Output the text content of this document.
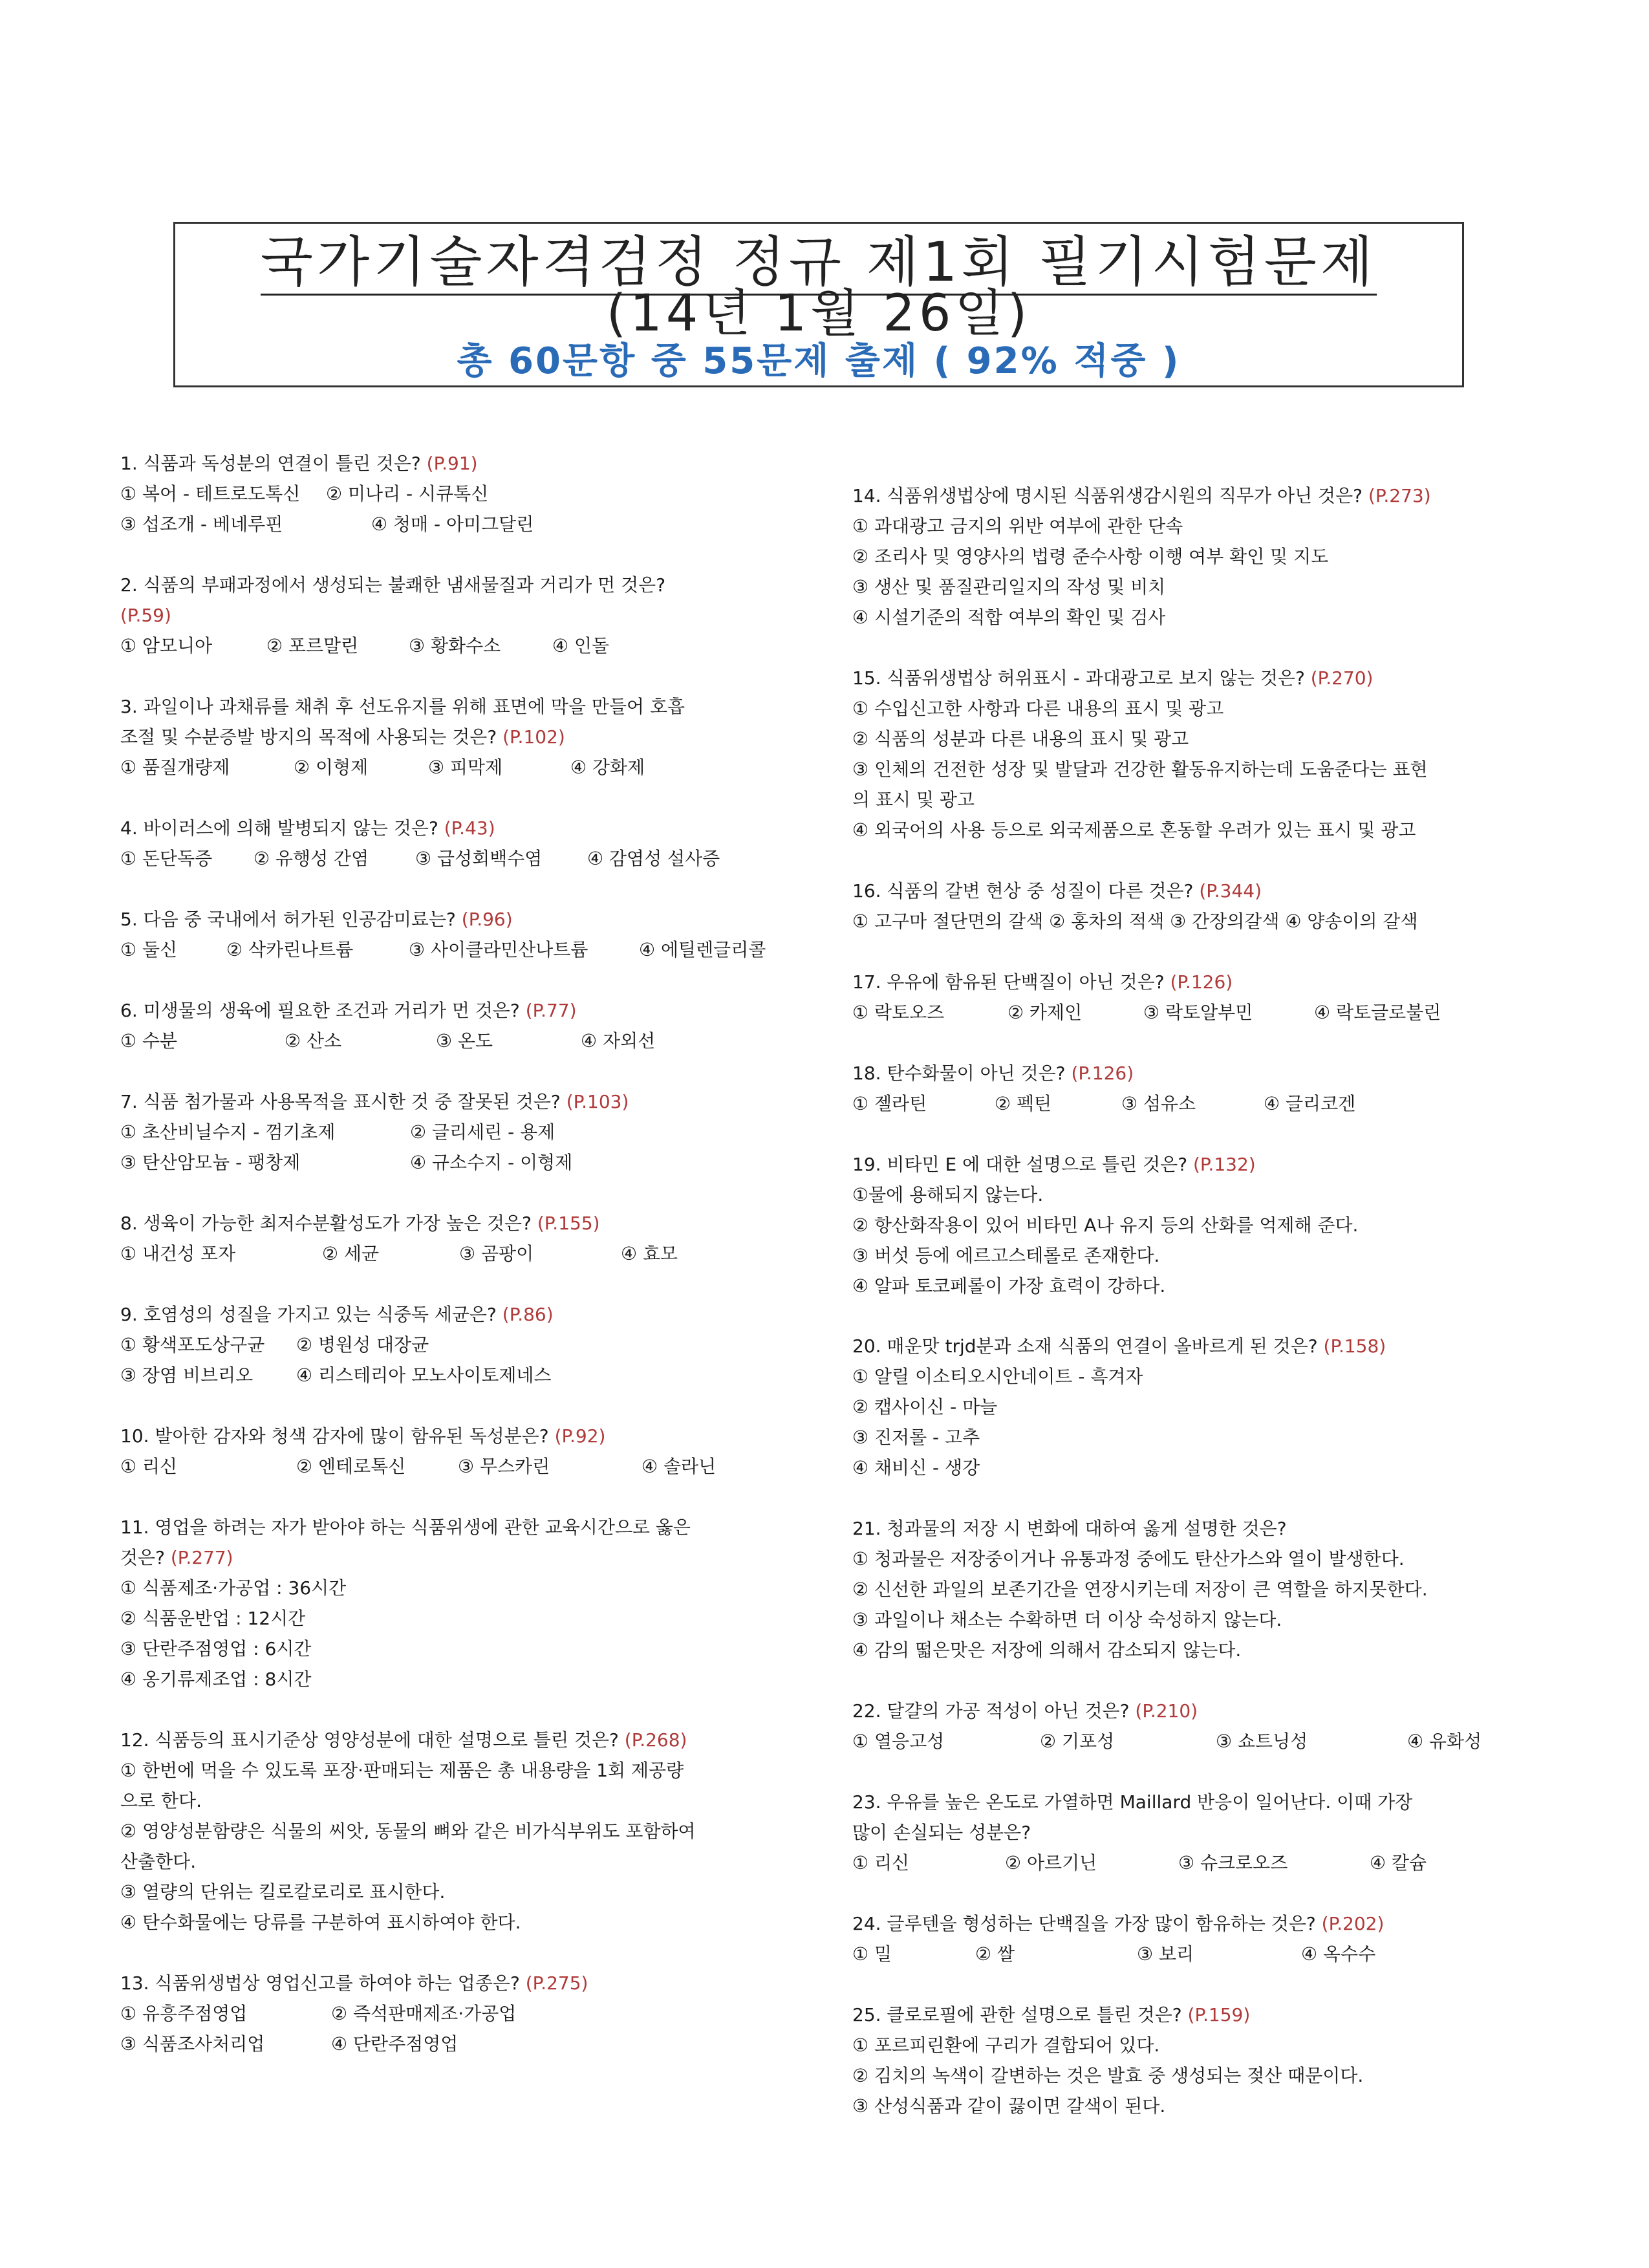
국가기술자격검정 정규 제1회 필기시험문제
(14년 1월 26일)
총 60문항 중 55문제 출제 ( 92% 적중 )
1. 식품과 독성분의 연결이 틀린 것은? (P.91)
① 복어 - 테트로도톡신	② 미나리 - 시큐톡신
③ 섭조개 - 베네루핀	④ 청매 - 아미그달린
2. 식품의 부패과정에서 생성되는 불쾌한 냄새물질과 거리가 먼 것은?
(P.59)
① 암모니아	② 포르말린	③ 황화수소	④ 인돌
3. 과일이나 과채류를 채취 후 선도유지를 위해 표면에 막을 만들어 호흡
조절 및 수분증발 방지의 목적에 사용되는 것은? (P.102)
① 품질개량제	② 이형제	③ 피막제	④ 강화제
4. 바이러스에 의해 발병되지 않는 것은? (P.43)
① 돈단독증	② 유행성 간염	③ 급성회백수염	④ 감염성 설사증
5. 다음 중 국내에서 허가된 인공감미료는? (P.96)
① 둘신	② 삭카린나트륨	③ 사이클라민산나트륨	④ 에틸렌글리콜
6. 미생물의 생육에 필요한 조건과 거리가 먼 것은? (P.77)
① 수분	② 산소	③ 온도	④ 자외선
7. 식품 첨가물과 사용목적을 표시한 것 중 잘못된 것은? (P.103)
① 초산비닐수지 - 껌기초제	② 글리세린 - 용제
③ 탄산암모늄 - 팽창제	④ 규소수지 - 이형제
8. 생육이 가능한 최저수분활성도가 가장 높은 것은? (P.155)
① 내건성 포자	② 세균	③ 곰팡이	④ 효모
9. 호염성의 성질을 가지고 있는 식중독 세균은? (P.86)
① 황색포도상구균	② 병원성 대장균
③ 장염 비브리오	④ 리스테리아 모노사이토제네스
10. 발아한 감자와 청색 감자에 많이 함유된 독성분은? (P.92)
① 리신	② 엔테로톡신	③ 무스카린	④ 솔라닌
11. 영업을 하려는 자가 받아야 하는 식품위생에 관한 교육시간으로 옳은
것은? (P.277)
① 식품제조·가공업 : 36시간
② 식품운반업 : 12시간
③ 단란주점영업 : 6시간
④ 옹기류제조업 : 8시간
12. 식품등의 표시기준상 영양성분에 대한 설명으로 틀린 것은? (P.268)
① 한번에 먹을 수 있도록 포장·판매되는 제품은 총 내용량을 1회 제공량
으로 한다.
② 영양성분함량은 식물의 씨앗, 동물의 뼈와 같은 비가식부위도 포함하여
산출한다.
③ 열량의 단위는 킬로칼로리로 표시한다.
④ 탄수화물에는 당류를 구분하여 표시하여야 한다.
13. 식품위생법상 영업신고를 하여야 하는 업종은? (P.275)
① 유흥주점영업	② 즉석판매제조·가공업
③ 식품조사처리업	④ 단란주점영업
14. 식품위생법상에 명시된 식품위생감시원의 직무가 아닌 것은? (P.273)
① 과대광고 금지의 위반 여부에 관한 단속
② 조리사 및 영양사의 법령 준수사항 이행 여부 확인 및 지도
③ 생산 및 품질관리일지의 작성 및 비치
④ 시설기준의 적합 여부의 확인 및 검사
15. 식품위생법상 허위표시 - 과대광고로 보지 않는 것은? (P.270)
① 수입신고한 사항과 다른 내용의 표시 및 광고
② 식품의 성분과 다른 내용의 표시 및 광고
③ 인체의 건전한 성장 및 발달과 건강한 활동유지하는데 도움준다는 표현
의 표시 및 광고
④ 외국어의 사용 등으로 외국제품으로 혼동할 우려가 있는 표시 및 광고
16. 식품의 갈변 현상 중 성질이 다른 것은? (P.344)
① 고구마 절단면의 갈색 ② 홍차의 적색 ③ 간장의갈색 ④ 양송이의 갈색
17. 우유에 함유된 단백질이 아닌 것은? (P.126)
① 락토오즈	② 카제인	③ 락토알부민	④ 락토글로불린
18. 탄수화물이 아닌 것은? (P.126)
① 젤라틴	② 펙틴	③ 섬유소	④ 글리코겐
19. 비타민 E 에 대한 설명으로 틀린 것은? (P.132)
①물에 용해되지 않는다.
② 항산화작용이 있어 비타민 A나 유지 등의 산화를 억제해 준다.
③ 버섯 등에 에르고스테롤로 존재한다.
④ 알파 토코페롤이 가장 효력이 강하다.
20. 매운맛 trjd분과 소재 식품의 연결이 올바르게 된 것은? (P.158)
① 알릴 이소티오시안네이트 - 흑겨자
② 캡사이신 - 마늘
③ 진저롤 - 고추
④ 채비신 - 생강
21. 청과물의 저장 시 변화에 대하여 옳게 설명한 것은?
① 청과물은 저장중이거나 유통과정 중에도 탄산가스와 열이 발생한다.
② 신선한 과일의 보존기간을 연장시키는데 저장이 큰 역할을 하지못한다.
③ 과일이나 채소는 수확하면 더 이상 숙성하지 않는다.
④ 감의 떫은맛은 저장에 의해서 감소되지 않는다.
22. 달걀의 가공 적성이 아닌 것은? (P.210)
① 열응고성	② 기포성	③ 쇼트닝성	④ 유화성
23. 우유를 높은 온도로 가열하면 Maillard 반응이 일어난다. 이때 가장
많이 손실되는 성분은?
① 리신	② 아르기닌	③ 슈크로오즈	④ 칼슘
24. 글루텐을 형성하는 단백질을 가장 많이 함유하는 것은? (P.202)
① 밀	② 쌀	③ 보리	④ 옥수수
25. 클로로필에 관한 설명으로 틀린 것은? (P.159)
① 포르피린환에 구리가 결합되어 있다.
② 김치의 녹색이 갈변하는 것은 발효 중 생성되는 젖산 때문이다.
③ 산성식품과 같이 끓이면 갈색이 된다.
